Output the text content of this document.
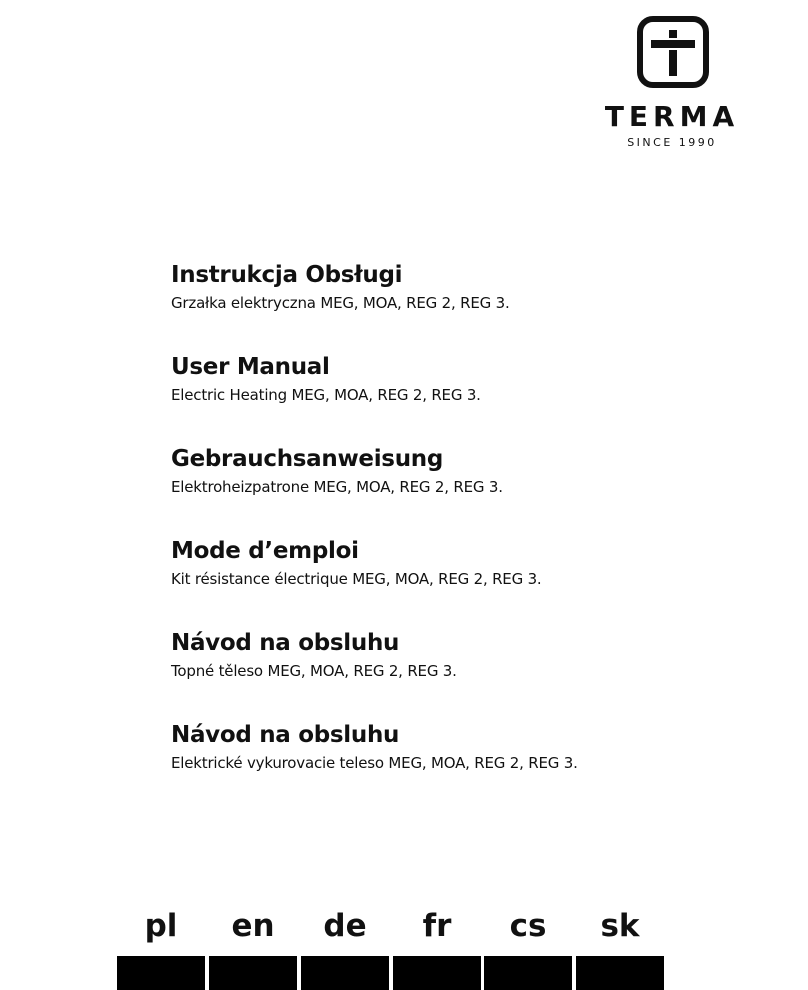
TERMA
SINCE 1990
Instrukcja Obsługi
Grzałka elektryczna MEG, MOA, REG 2, REG 3.
User Manual
Electric Heating MEG, MOA, REG 2, REG 3.
Gebrauchsanweisung
Elektroheizpatrone MEG, MOA, REG 2, REG 3.
Mode d’emploi
Kit résistance électrique MEG, MOA, REG 2, REG 3.
Návod na obsluhu
Topné těleso MEG, MOA, REG 2, REG 3.
Návod na obsluhu
Elektrické vykurovacie teleso MEG, MOA, REG 2, REG 3.
pl	en	de	fr	cs	sk
